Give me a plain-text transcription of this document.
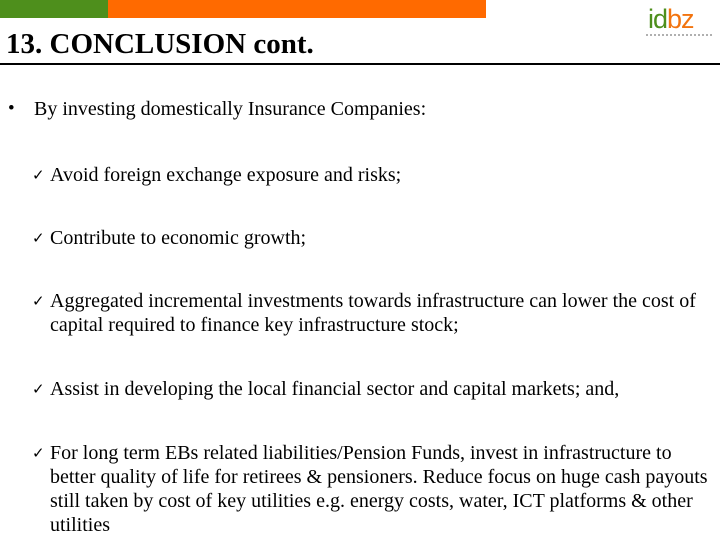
idbz
13. CONCLUSION cont.
• By investing domestically Insurance Companies:
✓ Avoid foreign exchange exposure and risks;
✓ Contribute to economic growth;
✓ Aggregated incremental investments towards infrastructure can lower the cost of capital required to finance key infrastructure stock;
✓ Assist in developing the local financial sector and capital markets; and,
✓ For long term EBs related liabilities/Pension Funds, invest in infrastructure to better quality of life for retirees & pensioners. Reduce focus on huge cash payouts still taken by cost of key utilities e.g. energy costs, water, ICT platforms & other utilities
